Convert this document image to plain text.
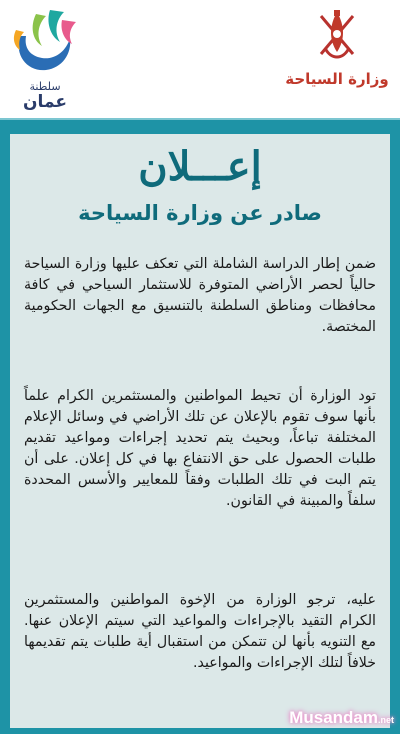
سلطنة
عمان
وزارة السياحة
إعـــلان
صادر عن وزارة السياحة
ضمن إطار الدراسة الشاملة التي تعكف عليها وزارة السياحة حالياً لحصر الأراضي المتوفرة للاستثمار السياحي في كافة محافظات ومناطق السلطنة بالتنسيق مع الجهات الحكومية المختصة.
تود الوزارة أن تحيط المواطنين والمستثمرين الكرام علماً بأنها سوف تقوم بالإعلان عن تلك الأراضي في وسائل الإعلام المختلفة تباعاً، وبحيث يتم تحديد إجراءات ومواعيد تقديم طلبات الحصول على حق الانتفاع بها في كل إعلان. على أن يتم البت في تلك الطلبات وفقاً للمعايير والأسس المحددة سلفاً والمبينة في القانون.
عليه، ترجو الوزارة من الإخوة المواطنين والمستثمرين الكرام التقيد بالإجراءات والمواعيد التي سيتم الإعلان عنها. مع التنويه بأنها لن تتمكن من استقبال أية طلبات يتم تقديمها خلافاً لتلك الإجراءات والمواعيد.
Musandam.net
